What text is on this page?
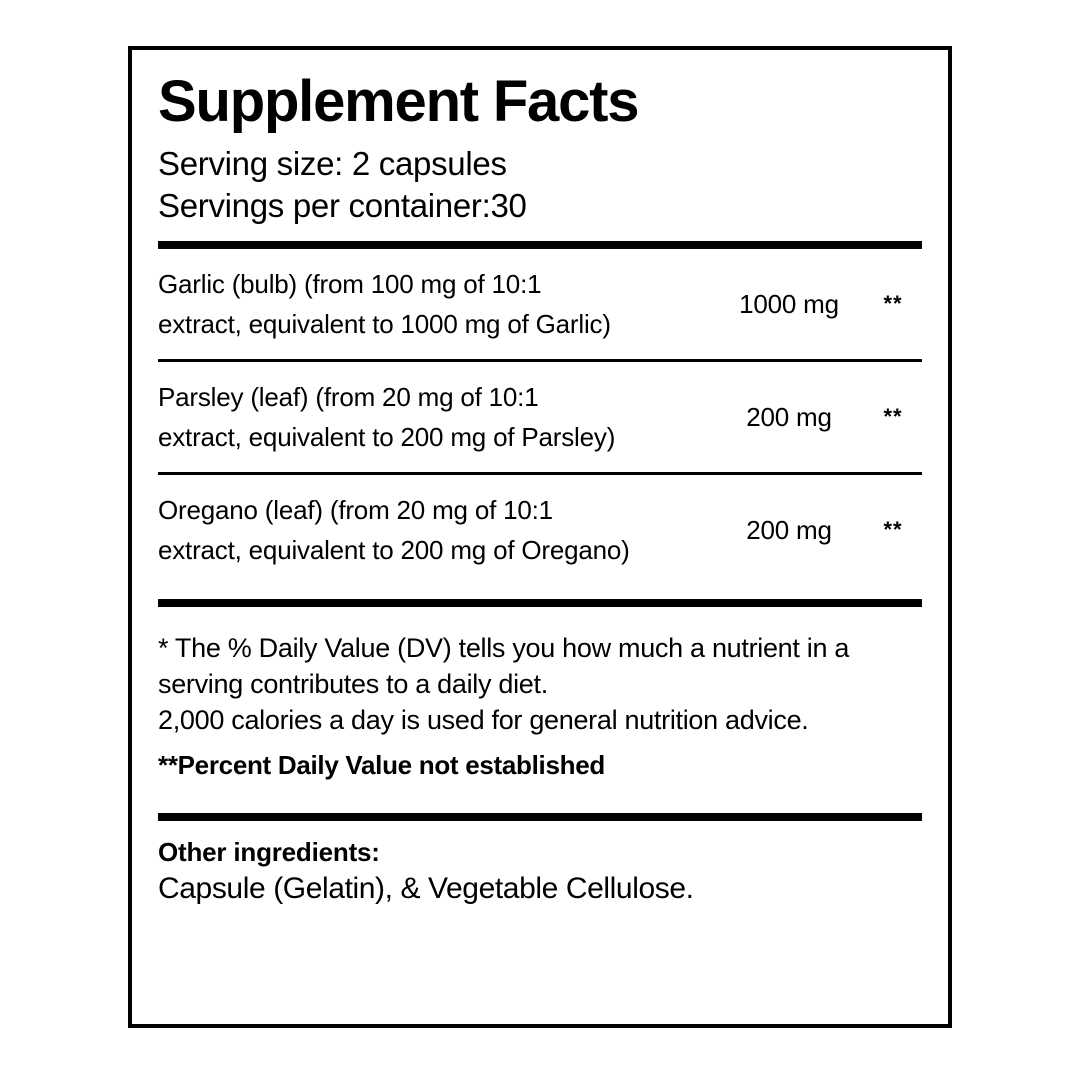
Supplement Facts
Serving size: 2 capsules
Servings per container:30
Garlic (bulb) (from 100 mg of 10:1
extract, equivalent to 1000 mg of Garlic)
1000 mg	**
Parsley (leaf) (from 20 mg of 10:1
extract, equivalent to 200 mg of Parsley)
200 mg	**
Oregano (leaf) (from 20 mg of 10:1
extract, equivalent to 200 mg of Oregano)
200 mg	**

* The % Daily Value (DV) tells you how much a nutrient in a

serving contributes to a daily diet.

2,000 calories a day is used for general nutrition advice.

**Percent Daily Value not established

Other ingredients:

Capsule (Gelatin), & Vegetable Cellulose.
